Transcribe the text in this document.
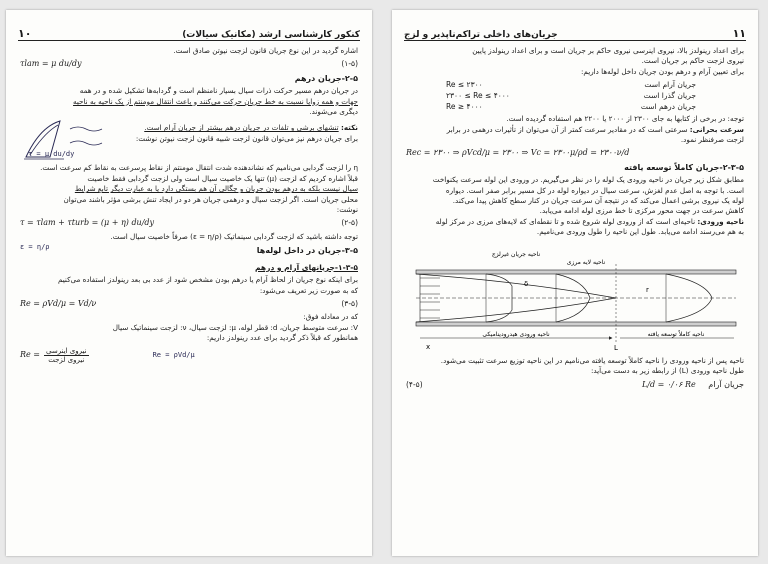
۱۰	کنکور کارشناسی ارشد (مکانیک سیالات)
اشاره گردید در این نوع جریان قانون لزجت نیوتن صادق است.
τlam = μ du/dy	(۱-۵)
۲-۵-جریان درهم
در جریان درهم مسیر حرکت ذرات سیال بسیار نامنظم است و گردابه‌ها تشکیل شده و در همه
جهات و همه زوایا نسبت به خط جریان حرکت می‌کنند و باعث انتقال مومنتم از یک ناحیه به ناحیه
دیگری می‌شوند.
نکته: تنشهای برشی و تلفات در جریان درهم بیشتر از جریان آرام است.
برای جریان درهم نیز می‌توان قانون لزجت شبیه قانون لزجت نیوتن نوشت:
τ = μ du/dy
η را لزجت گردابی می‌نامیم که نشاندهنده شدت انتقال مومنتم از نقاط پرسرعت به نقاط کم سرعت است.
قبلاً اشاره کردیم که لزجت (μ) تنها یک خاصیت سیال است ولی لزجت گردابی فقط خاصیت
سیال نیست بلکه به درهم بودن جریان و چگالی آن هم بستگی دارد یا به عبارت دیگر تابع شرایط
محلی جریان است. اگر لزجت سیال و درهمی جریان هر دو در ایجاد تنش برشی مؤثر باشند می‌توان
نوشت:
τ = τlam + τturb = (μ + η) du/dy	(۲-۵)
توجه داشته باشید که لزجت گردابی سینماتیک (ε = η/ρ) صرفاً خاصیت سیال است.
۳-۵-جریان در داخل لوله‌ها
ε = η/ρ
۱-۳-۵-جریانهای آرام و درهم
برای اینکه نوع جریان از لحاظ آرام یا درهم بودن مشخص شود از عدد بی بعد رینولدز استفاده می‌کنیم
که به صورت زیر تعریف می‌شود:
Re = ρVd/μ = Vd/ν	(۳-۵)
که در معادله فوق:
V: سرعت متوسط جریان، d: قطر لوله، μ: لزجت سیال، ν: لزجت سینماتیک سیال
همانطور که قبلاً ذکر گردید برای عدد رینولدز داریم:
$Re = \frac{\text{نیروی اینرسی}}{\text{نیروی لزجت}}$	Re = ρVd/μ
جریان‌های داخلی تراکم‌ناپذیر و لزج	۱۱
برای اعداد رینولدز بالا، نیروی اینرسی نیروی حاکم بر جریان است و برای اعداد رینولدز پایین
نیروی لزجت حاکم بر جریان است.
برای تعیین آرام و درهم بودن جریان داخل لوله‌ها داریم:
Re ≤ ۲۳۰۰	جریان آرام است
۲۳۰۰ ≤ Re ≤ ۴۰۰۰	جریان گذرا است
Re ≥ ۴۰۰۰	جریان درهم است
توجه: در برخی از کتابها به جای ۲۳۰۰ از ۲۰۰۰ یا ۲۲۰۰ هم استفاده گردیده است.
سرعت بحرانی: سرعتی است که در مقادیر سرعت کمتر از آن می‌توان از تأثیرات درهمی در برابر
لزجت صرفنظر نمود.
Rec = ۲۳۰۰ ⇒ ρVcd/μ = ۲۳۰۰ ⇒ Vc = ۲۳۰۰μ/ρd = ۲۳۰۰ν/d
۲-۳-۵-جریان کاملاً توسعه یافته
مطابق شکل زیر جریان در ناحیه ورودی یک لوله را در نظر می‌گیریم. در ورودی این لوله سرعت یکنواخت
است. با توجه به اصل عدم لغزش، سرعت سیال در دیواره لوله در کل مسیر برابر صفر است. دیواره
لوله یک نیروی برشی اعمال می‌کند که در نتیجه آن سرعت جریان در کنار سطح کاهش پیدا می‌کند.
کاهش سرعت در جهت محور مرکزی تا خط مرزی لوله ادامه می‌یابد.
ناحیه ورودی: ناحیه‌ای است که از ورودی لوله شروع شده و تا نقطه‌ای که لایه‌های مرزی در مرکز لوله
به هم می‌رسند ادامه می‌یابد. طول این ناحیه را طول ورودی می‌نامیم.
ناحیه جریان غیرلزج
ناحیه لایه مرزی
ناحیه ورودی هیدرودینامیکی	ناحیه کاملاً توسعه یافته
x	L
δ
r
ناحیه پس از ناحیه ورودی را ناحیه کاملاً توسعه یافته می‌نامیم در این ناحیه توزیع سرعت تثبیت می‌شود.
طول ناحیه ورودی (L) از رابطه زیر به دست می‌آید:
(۴-۵)	L/d = ۰/۰۶ Re جریان آرام
